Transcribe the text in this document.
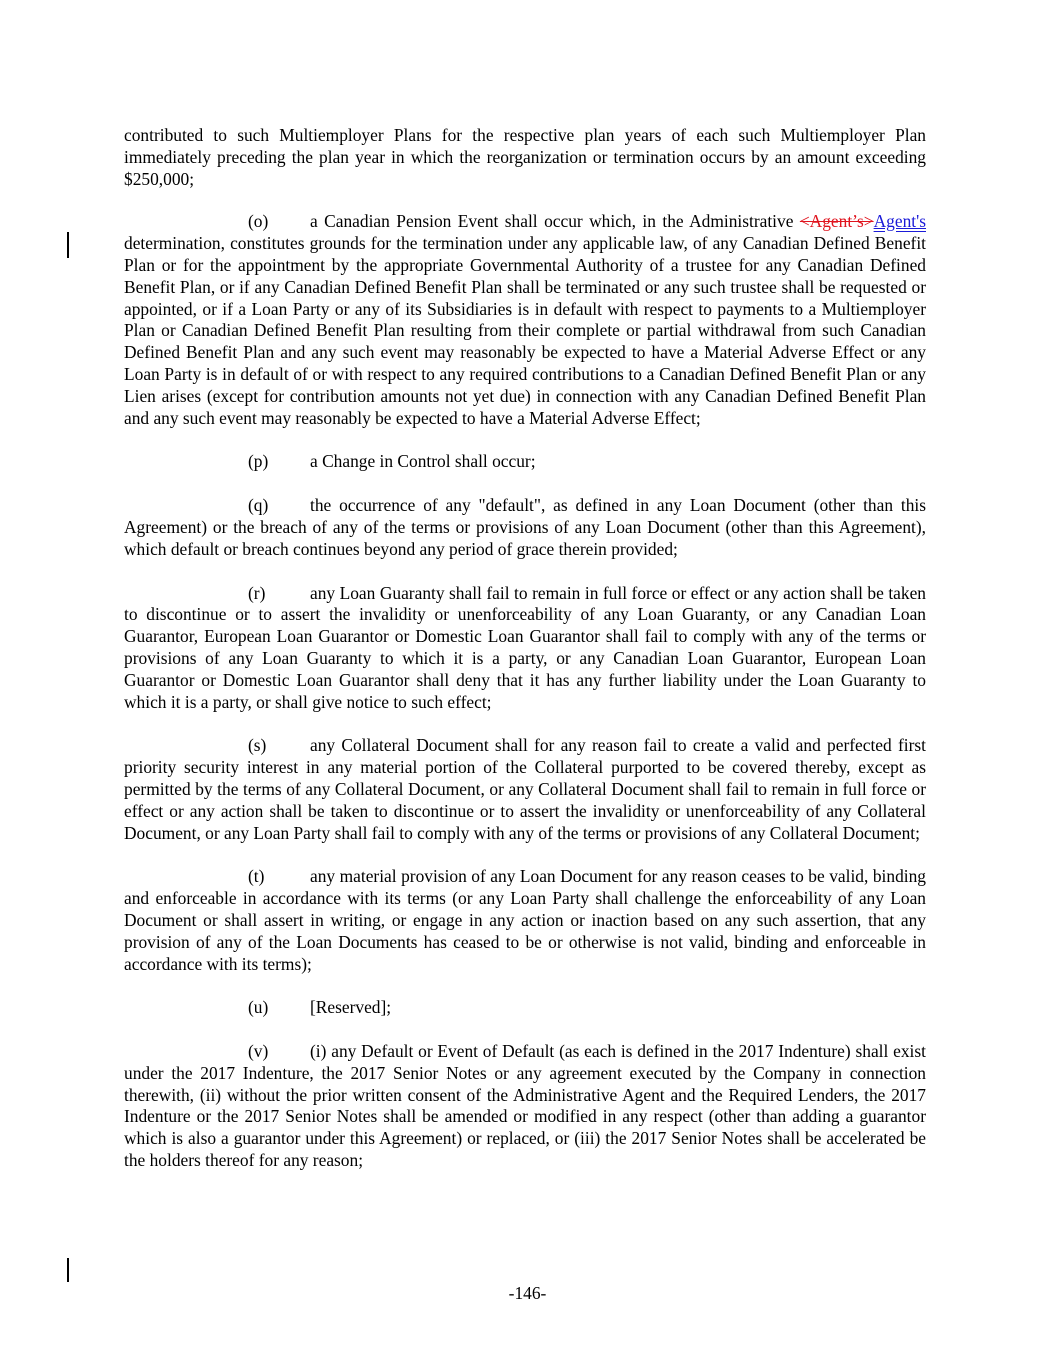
contributed to such Multiemployer Plans for the respective plan years of each such Multiemployer Plan immediately preceding the plan year in which the reorganization or termination occurs by an amount exceeding $250,000;

(o) a Canadian Pension Event shall occur which, in the Administrative <Agent’s>Agent's determination, constitutes grounds for the termination under any applicable law, of any Canadian Defined Benefit Plan or for the appointment by the appropriate Governmental Authority of a trustee for any Canadian Defined Benefit Plan, or if any Canadian Defined Benefit Plan shall be terminated or any such trustee shall be requested or appointed, or if a Loan Party or any of its Subsidiaries is in default with respect to payments to a Multiemployer Plan or Canadian Defined Benefit Plan resulting from their complete or partial withdrawal from such Canadian Defined Benefit Plan and any such event may reasonably be expected to have a Material Adverse Effect or any Loan Party is in default of or with respect to any required contributions to a Canadian Defined Benefit Plan or any Lien arises (except for contribution amounts not yet due) in connection with any Canadian Defined Benefit Plan and any such event may reasonably be expected to have a Material Adverse Effect;

(p) a Change in Control shall occur;

(q) the occurrence of any "default", as defined in any Loan Document (other than this Agreement) or the breach of any of the terms or provisions of any Loan Document (other than this Agreement), which default or breach continues beyond any period of grace therein provided;

(r)	any Loan Guaranty shall fail to remain in full force or effect or any action shall be taken to discontinue or to assert the invalidity or unenforceability of any Loan Guaranty, or any Canadian Loan Guarantor, European Loan Guarantor or Domestic Loan Guarantor shall fail to comply with any of the terms or provisions of any Loan Guaranty to which it is a party, or any Canadian Loan Guarantor, European Loan Guarantor or Domestic Loan Guarantor shall deny that it has any further liability under the Loan Guaranty to which it is a party, or shall give notice to such effect;

(s)	any Collateral Document shall for any reason fail to create a valid and perfected first priority security interest in any material portion of the Collateral purported to be covered thereby, except as permitted by the terms of any Collateral Document, or any Collateral Document shall fail to remain in full force or effect or any action shall be taken to discontinue or to assert the invalidity or unenforceability of any Collateral Document, or any Loan Party shall fail to comply with any of the terms or provisions of any Collateral Document;

(t)	any material provision of any Loan Document for any reason ceases to be valid, binding and enforceable in accordance with its terms (or any Loan Party shall challenge the enforceability of any Loan Document or shall assert in writing, or engage in any action or inaction based on any such assertion, that any provision of any of the Loan Documents has ceased to be or otherwise is not valid, binding and enforceable in accordance with its terms);

(u) [Reserved];

(v) (i) any Default or Event of Default (as each is defined in the 2017 Indenture) shall exist under the 2017 Indenture, the 2017 Senior Notes or any agreement executed by the Company in connection therewith, (ii) without the prior written consent of the Administrative Agent and the Required Lenders, the 2017 Indenture or the 2017 Senior Notes shall be amended or modified in any respect (other than adding a guarantor which is also a guarantor under this Agreement) or replaced, or (iii) the 2017 Senior Notes shall be accelerated be the holders thereof for any reason;

-146-
